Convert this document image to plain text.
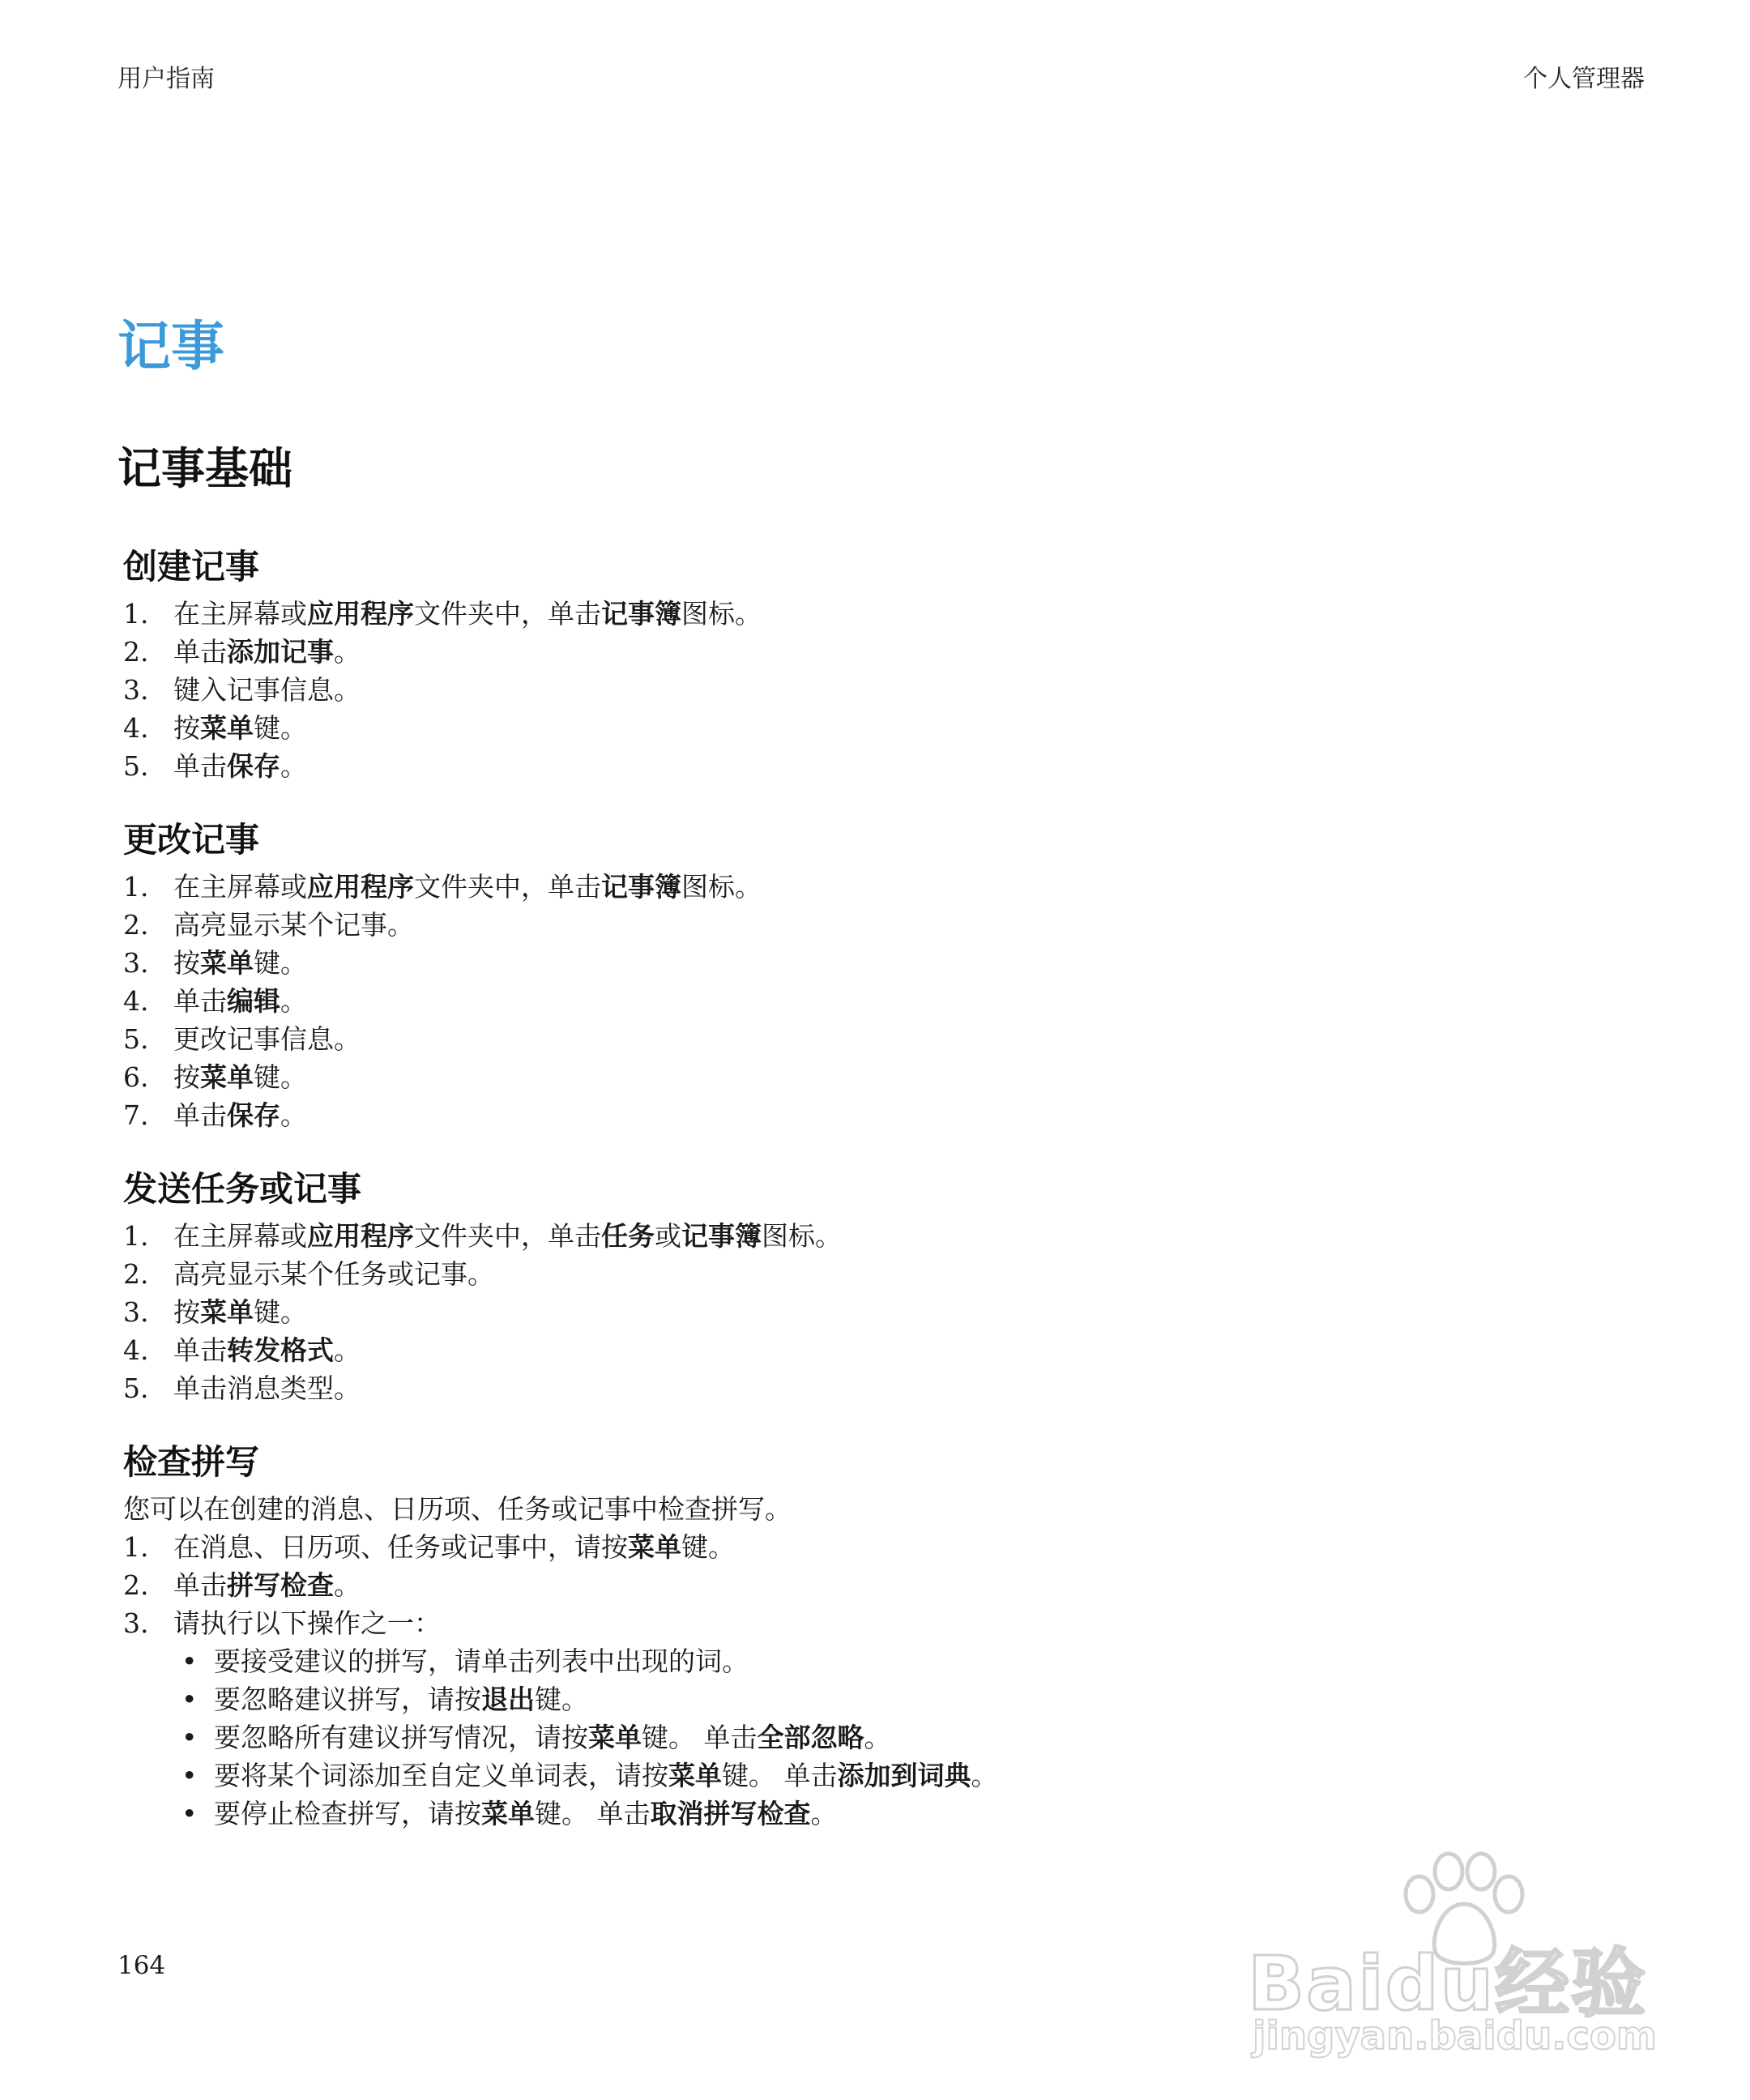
用户指南	个人管理器
记事
记事基础
创建记事
1. 在主屏幕或应用程序文件夹中，单击记事簿图标。
2. 单击添加记事。
3. 键入记事信息。
4. 按菜单键。
5. 单击保存。
更改记事
1. 在主屏幕或应用程序文件夹中，单击记事簿图标。
2. 高亮显示某个记事。
3. 按菜单键。
4. 单击编辑。
5. 更改记事信息。
6. 按菜单键。
7. 单击保存。
发送任务或记事
1. 在主屏幕或应用程序文件夹中，单击任务或记事簿图标。
2. 高亮显示某个任务或记事。
3. 按菜单键。
4. 单击转发格式。
5. 单击消息类型。
检查拼写

您可以在创建的消息、日历项、任务或记事中检查拼写。

1. 在消息、日历项、任务或记事中，请按菜单键。
2. 单击拼写检查。
3. 请执行以下操作之一：
• 要接受建议的拼写，请单击列表中出现的词。
• 要忽略建议拼写，请按退出键。
• 要忽略所有建议拼写情况，请按菜单键。 单击全部忽略。
• 要将某个词添加至自定义单词表，请按菜单键。 单击添加到词典。
• 要停止检查拼写，请按菜单键。 单击取消拼写检查。
164	Baidu经验
jingyan.baidu.com
